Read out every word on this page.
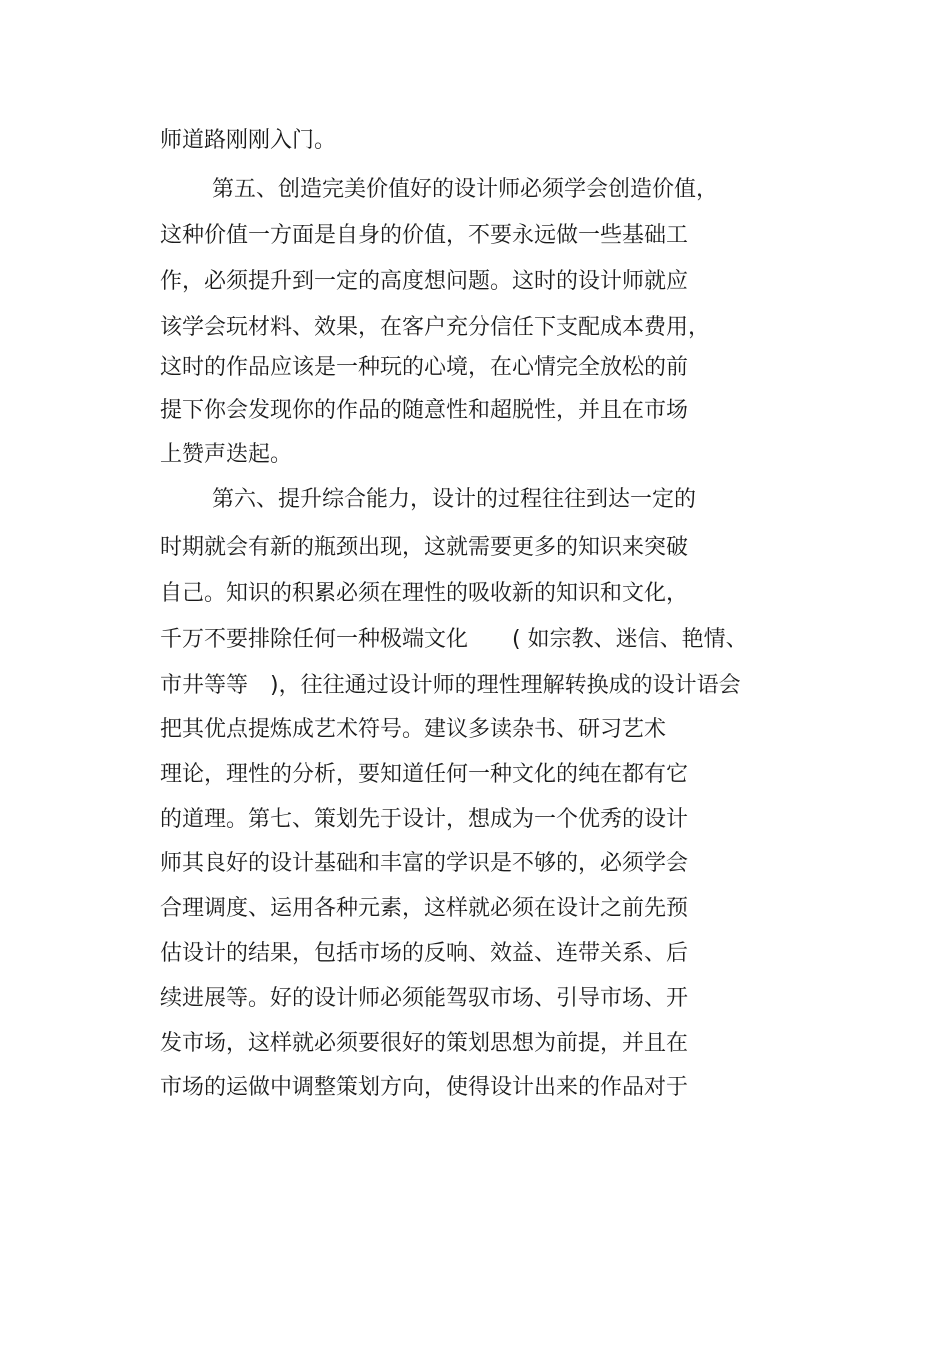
师道路刚刚入门。
第五、创造完美价值好的设计师必须学会创造价值，
这种价值一方面是自身的价值，不要永远做一些基础工
作，必须提升到一定的高度想问题。这时的设计师就应
该学会玩材料、效果，在客户充分信任下支配成本费用，
这时的作品应该是一种玩的心境，在心情完全放松的前
提下你会发现你的作品的随意性和超脱性，并且在市场
上赞声迭起。
第六、提升综合能力，设计的过程往往到达一定的
时期就会有新的瓶颈出现，这就需要更多的知识来突破
自己。知识的积累必须在理性的吸收新的知识和文化，
千万不要排除任何一种极端文化　　( 如宗教、迷信、艳情、
市井等等　)，往往通过设计师的理性理解转换成的设计语会
把其优点提炼成艺术符号。建议多读杂书、研习艺术
理论，理性的分析，要知道任何一种文化的纯在都有它
的道理。第七、策划先于设计，想成为一个优秀的设计
师其良好的设计基础和丰富的学识是不够的，必须学会
合理调度、运用各种元素，这样就必须在设计之前先预
估设计的结果，包括市场的反响、效益、连带关系、后
续进展等。好的设计师必须能驾驭市场、引导市场、开
发市场，这样就必须要很好的策划思想为前提，并且在
市场的运做中调整策划方向，使得设计出来的作品对于
